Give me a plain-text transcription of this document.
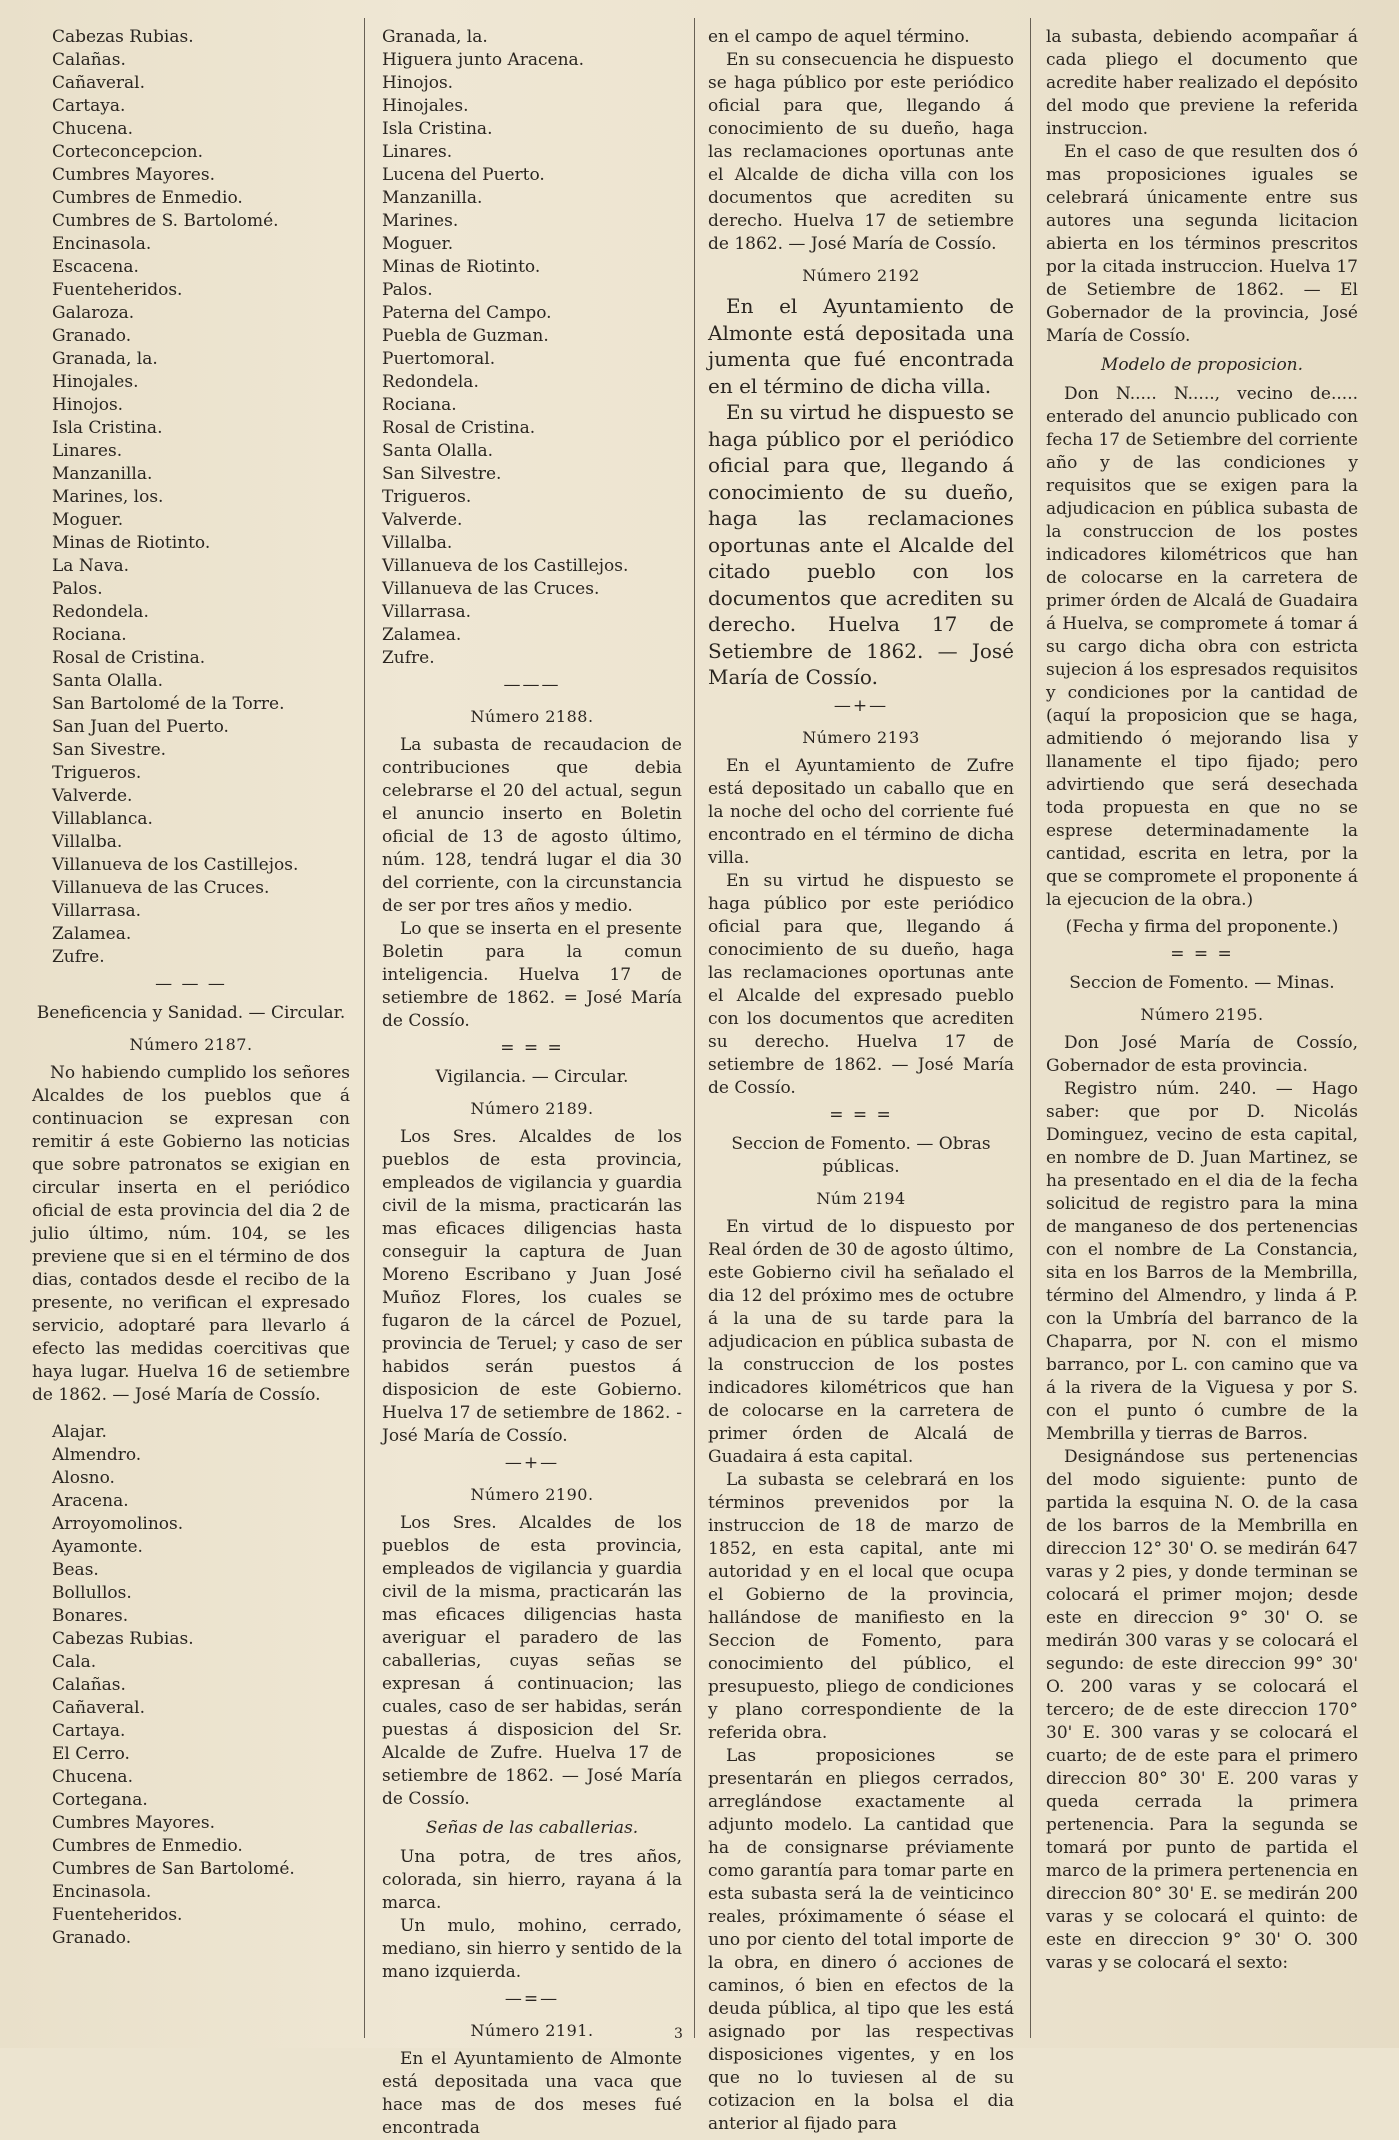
Cabezas Rubias.
Calañas.
Cañaveral.
Cartaya.
Chucena.
Corteconcepcion.
Cumbres Mayores.
Cumbres de Enmedio.
Cumbres de S. Bartolomé.
Encinasola.
Escacena.
Fuenteheridos.
Galaroza.
Granado.
Granada, la.
Hinojales.
Hinojos.
Isla Cristina.
Linares.
Manzanilla.
Marines, los.
Moguer.
Minas de Riotinto.
La Nava.
Palos.
Redondela.
Rociana.
Rosal de Cristina.
Santa Olalla.
San Bartolomé de la Torre.
San Juan del Puerto.
San Sivestre.
Trigueros.
Valverde.
Villablanca.
Villalba.
Villanueva de los Castillejos.
Villanueva de las Cruces.
Villarrasa.
Zalamea.
Zufre.
— — —
Beneficencia y Sanidad. — Circular.
Número 2187.

No habiendo cumplido los señores Alcaldes de los pueblos que á continuacion se expresan con remitir á este Gobierno las noticias que sobre patronatos se exigian en circular inserta en el periódico oficial de esta provincia del dia 2 de julio último, núm. 104, se les previene que si en el término de dos dias, contados desde el recibo de la presente, no verifican el expresado servicio, adoptaré para llevarlo á efecto las medidas coercitivas que haya lugar. Huelva 16 de setiembre de 1862. — José María de Cossío.

Alajar.
Almendro.
Alosno.
Aracena.
Arroyomolinos.
Ayamonte.
Beas.
Bollullos.
Bonares.
Cabezas Rubias.
Cala.
Calañas.
Cañaveral.
Cartaya.
El Cerro.
Chucena.
Cortegana.
Cumbres Mayores.
Cumbres de Enmedio.
Cumbres de San Bartolomé.
Encinasola.
Fuenteheridos.
Granado.
Granada, la.
Higuera junto Aracena.
Hinojos.
Hinojales.
Isla Cristina.
Linares.
Lucena del Puerto.
Manzanilla.
Marines.
Moguer.
Minas de Riotinto.
Palos.
Paterna del Campo.
Puebla de Guzman.
Puertomoral.
Redondela.
Rociana.
Rosal de Cristina.
Santa Olalla.
San Silvestre.
Trigueros.
Valverde.
Villalba.
Villanueva de los Castillejos.
Villanueva de las Cruces.
Villarrasa.
Zalamea.
Zufre.
———
Número 2188.

La subasta de recaudacion de contribuciones que debia celebrarse el 20 del actual, segun el anuncio inserto en Boletin oficial de 13 de agosto último, núm. 128, tendrá lugar el dia 30 del corriente, con la circunstancia de ser por tres años y medio.

Lo que se inserta en el presente Boletin para la comun inteligencia. Huelva 17 de setiembre de 1862. = José María de Cossío.

= = =
Vigilancia. — Circular.
Número 2189.

Los Sres. Alcaldes de los pueblos de esta provincia, empleados de vigilancia y guardia civil de la misma, practicarán las mas eficaces diligencias hasta conseguir la captura de Juan Moreno Escribano y Juan José Muñoz Flores, los cuales se fugaron de la cárcel de Pozuel, provincia de Teruel; y caso de ser habidos serán puestos á disposicion de este Gobierno. Huelva 17 de setiembre de 1862. - José María de Cossío.

—+—
Número 2190.

Los Sres. Alcaldes de los pueblos de esta provincia, empleados de vigilancia y guardia civil de la misma, practicarán las mas eficaces diligencias hasta averiguar el paradero de las caballerias, cuyas señas se expresan á continuacion; las cuales, caso de ser habidas, serán puestas á disposicion del Sr. Alcalde de Zufre. Huelva 17 de setiembre de 1862. — José María de Cossío.

Señas de las caballerias.

Una potra, de tres años, colorada, sin hierro, rayana á la marca.

Un mulo, mohino, cerrado, mediano, sin hierro y sentido de la mano izquierda.

—=—
Número 2191.

En el Ayuntamiento de Almonte está depositada una vaca que hace mas de dos meses fué encontrada

en el campo de aquel término.

En su consecuencia he dispuesto se haga público por este periódico oficial para que, llegando á conocimiento de su dueño, haga las reclamaciones oportunas ante el Alcalde de dicha villa con los documentos que acrediten su derecho. Huelva 17 de setiembre de 1862. — José María de Cossío.

Número 2192

En el Ayuntamiento de Almonte está depositada una jumenta que fué encontrada en el término de dicha villa.

En su virtud he dispuesto se haga público por el periódico oficial para que, llegando á conocimiento de su dueño, haga las reclamaciones oportunas ante el Alcalde del citado pueblo con los documentos que acrediten su derecho. Huelva 17 de Setiembre de 1862. — José María de Cossío.

—+—
Número 2193

En el Ayuntamiento de Zufre está depositado un caballo que en la noche del ocho del corriente fué encontrado en el término de dicha villa.

En su virtud he dispuesto se haga público por este periódico oficial para que, llegando á conocimiento de su dueño, haga las reclamaciones oportunas ante el Alcalde del expresado pueblo con los documentos que acrediten su derecho. Huelva 17 de setiembre de 1862. — José María de Cossío.

= = =
Seccion de Fomento. — Obras públicas.
Núm 2194

En virtud de lo dispuesto por Real órden de 30 de agosto último, este Gobierno civil ha señalado el dia 12 del próximo mes de octubre á la una de su tarde para la adjudicacion en pública subasta de la construccion de los postes indicadores kilométricos que han de colocarse en la carretera de primer órden de Alcalá de Guadaira á esta capital.

La subasta se celebrará en los términos prevenidos por la instruccion de 18 de marzo de 1852, en esta capital, ante mi autoridad y en el local que ocupa el Gobierno de la provincia, hallándose de manifiesto en la Seccion de Fomento, para conocimiento del público, el presupuesto, pliego de condiciones y plano correspondiente de la referida obra.

Las proposiciones se presentarán en pliegos cerrados, arreglándose exactamente al adjunto modelo. La cantidad que ha de consignarse préviamente como garantía para tomar parte en esta subasta será la de veinticinco reales, próximamente ó séase el uno por ciento del total importe de la obra, en dinero ó acciones de caminos, ó bien en efectos de la deuda pública, al tipo que les está asignado por las respectivas disposiciones vigentes, y en los que no lo tuviesen al de su cotizacion en la bolsa el dia anterior al fijado para

la subasta, debiendo acompañar á cada pliego el documento que acredite haber realizado el depósito del modo que previene la referida instruccion.

En el caso de que resulten dos ó mas proposiciones iguales se celebrará únicamente entre sus autores una segunda licitacion abierta en los términos prescritos por la citada instruccion. Huelva 17 de Setiembre de 1862. — El Gobernador de la provincia, José María de Cossío.

Modelo de proposicion.

Don N..... N....., vecino de..... enterado del anuncio publicado con fecha 17 de Setiembre del corriente año y de las condiciones y requisitos que se exigen para la adjudicacion en pública subasta de la construccion de los postes indicadores kilométricos que han de colocarse en la carretera de primer órden de Alcalá de Guadaira á Huelva, se compromete á tomar á su cargo dicha obra con estricta sujecion á los espresados requisitos y condiciones por la cantidad de (aquí la proposicion que se haga, admitiendo ó mejorando lisa y llanamente el tipo fijado; pero advirtiendo que será desechada toda propuesta en que no se esprese determinadamente la cantidad, escrita en letra, por la que se compromete el proponente á la ejecucion de la obra.)

(Fecha y firma del proponente.)
= = =
Seccion de Fomento. — Minas.
Número 2195.

Don José María de Cossío, Gobernador de esta provincia.

Registro núm. 240. — Hago saber: que por D. Nicolás Dominguez, vecino de esta capital, en nombre de D. Juan Martinez, se ha presentado en el dia de la fecha solicitud de registro para la mina de manganeso de dos pertenencias con el nombre de La Constancia, sita en los Barros de la Membrilla, término del Almendro, y linda á P. con la Umbría del barranco de la Chaparra, por N. con el mismo barranco, por L. con camino que va á la rivera de la Viguesa y por S. con el punto ó cumbre de la Membrilla y tierras de Barros.

Designándose sus pertenencias del modo siguiente: punto de partida la esquina N. O. de la casa de los barros de la Membrilla en direccion 12° 30' O. se medirán 647 varas y 2 pies, y donde terminan se colocará el primer mojon; desde este en direccion 9° 30' O. se medirán 300 varas y se colocará el segundo: de este direccion 99° 30' O. 200 varas y se colocará el tercero; de de este direccion 170° 30' E. 300 varas y se colocará el cuarto; de de este para el primero direccion 80° 30' E. 200 varas y queda cerrada la primera pertenencia. Para la segunda se tomará por punto de partida el marco de la primera pertenencia en direccion 80° 30' E. se medirán 200 varas y se colocará el quinto: de este en direccion 9° 30' O. 300 varas y se colocará el sexto:

3
